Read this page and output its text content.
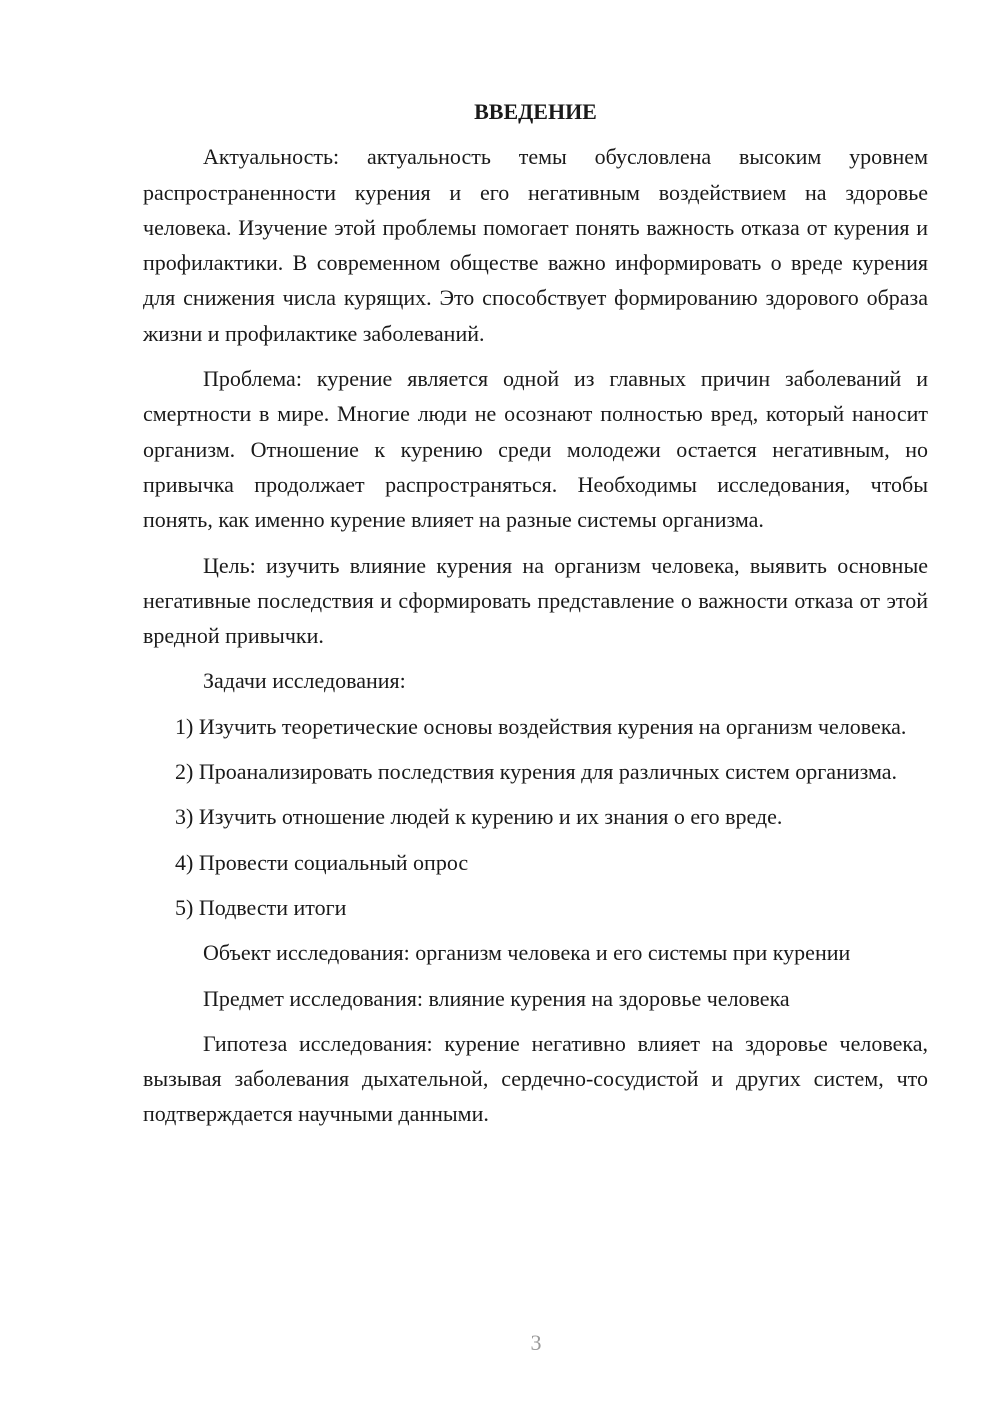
ВВЕДЕНИЕ

Актуальность: актуальность темы обусловлена высоким уровнем распространенности курения и его негативным воздействием на здоровье человека. Изучение этой проблемы помогает понять важность отказа от курения и профилактики. В современном обществе важно информировать о вреде курения для снижения числа курящих. Это способствует формированию здорового образа жизни и профилактике заболеваний.

Проблема: курение является одной из главных причин заболеваний и смертности в мире. Многие люди не осознают полностью вред, который наносит организм. Отношение к курению среди молодежи остается негативным, но привычка продолжает распространяться. Необходимы исследования, чтобы понять, как именно курение влияет на разные системы организма.

Цель: изучить влияние курения на организм человека, выявить основные негативные последствия и сформировать представление о важности отказа от этой вредной привычки.

Задачи исследования:

1) Изучить теоретические основы воздействия курения на организм человека.

2) Проанализировать последствия курения для различных систем организма.

3) Изучить отношение людей к курению и их знания о его вреде.

4) Провести социальный опрос

5) Подвести итоги

Объект исследования: организм человека и его системы при курении

Предмет исследования: влияние курения на здоровье человека

Гипотеза исследования: курение негативно влияет на здоровье человека, вызывая заболевания дыхательной, сердечно-сосудистой и других систем, что подтверждается научными данными.

3
